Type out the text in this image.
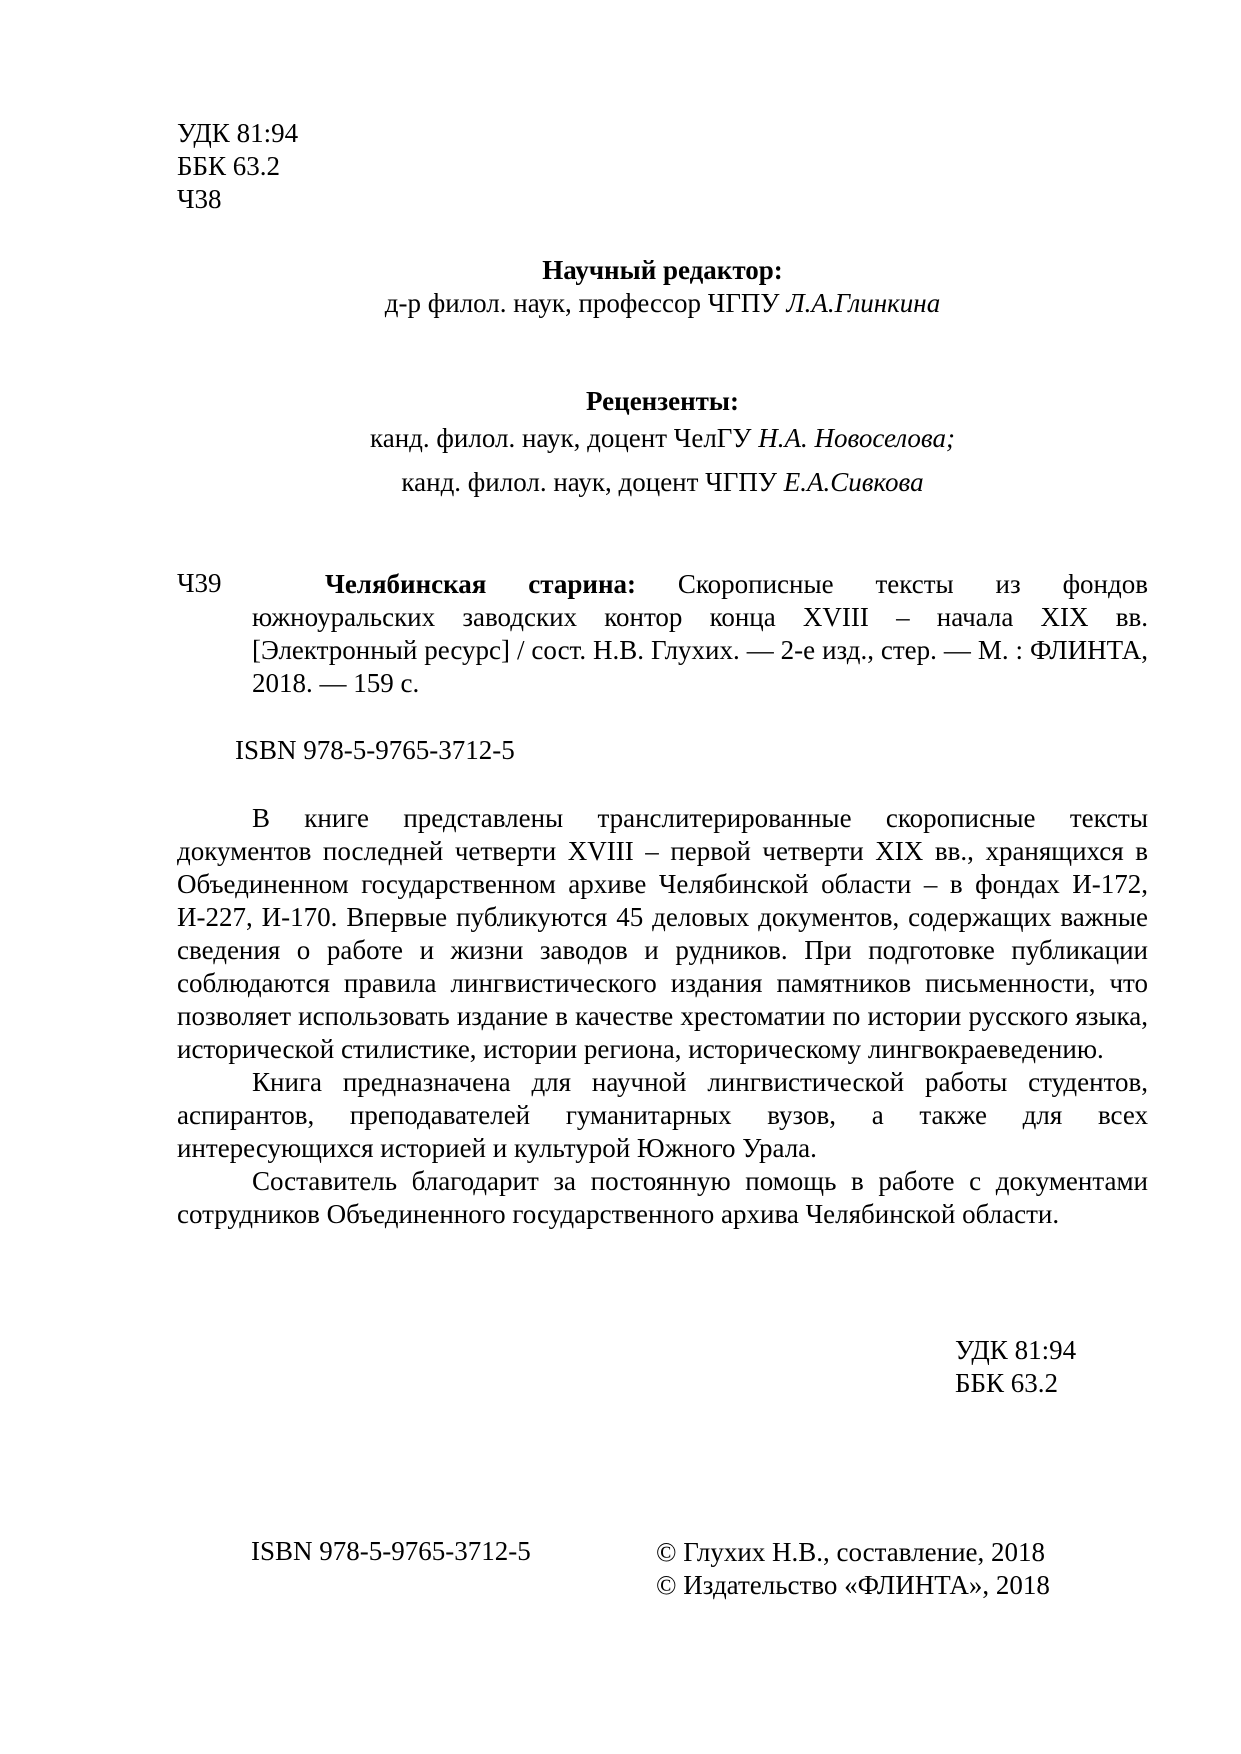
УДК 81:94
ББК 63.2
Ч38
Научный редактор:
д-р филол. наук, профессор ЧГПУ Л.А.Глинкина
Рецензенты:
канд. филол. наук, доцент ЧелГУ Н.А. Новоселова;
канд. филол. наук, доцент ЧГПУ Е.А.Сивкова
Ч39	Челябинская старина: Скорописные тексты из фондов южноуральских заводских контор конца XVIII – начала XIX вв. [Электронный ресурс] / сост. Н.В. Глухих. — 2-е изд., стер. — М. : ФЛИНТА, 2018. — 159 с.
ISBN 978-5-9765-3712-5

В книге представлены транслитерированные скорописные тексты документов последней четверти XVIII – первой четверти XIX вв., хранящихся в Объединенном государственном архиве Челябинской области – в фондах И-172, И-227, И-170. Впервые публикуются 45 деловых документов, содержащих важные сведения о работе и жизни заводов и рудников. При подготовке публикации соблюдаются правила лингвистического издания памятников письменности, что позволяет использовать издание в качестве хрестоматии по истории русского языка, исторической стилистике, истории региона, историческому лингвокраеведению.

Книга предназначена для научной лингвистической работы студентов, аспирантов, преподавателей гуманитарных вузов, а также для всех интересующихся историей и культурой Южного Урала.

Составитель благодарит за постоянную помощь в работе с документами сотрудников Объединенного государственного архива Челябинской области.

УДК 81:94
ББК 63.2
ISBN 978-5-9765-3712-5	© Глухих Н.В., составление, 2018
© Издательство «ФЛИНТА», 2018
